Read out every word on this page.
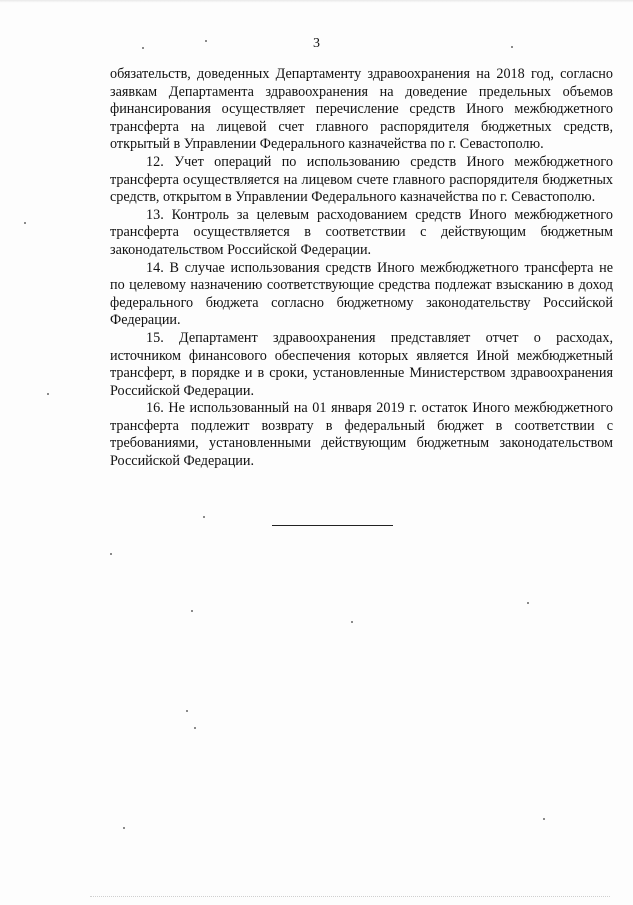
3

обязательств, доведенных Департаменту здравоохранения на 2018 год, согласно заявкам Департамента здравоохранения на доведение предельных объемов финансирования осуществляет перечисление средств Иного межбюджетного трансферта на лицевой счет главного распорядителя бюджетных средств, открытый в Управлении Федерального казначейства по г. Севастополю.

12. Учет операций по использованию средств Иного межбюджетного трансферта осуществляется на лицевом счете главного распорядителя бюджетных средств, открытом в Управлении Федерального казначейства по г. Севастополю.

13. Контроль за целевым расходованием средств Иного межбюджетного трансферта осуществляется в соответствии с действующим бюджетным законодательством Российской Федерации.

14. В случае использования средств Иного межбюджетного трансферта не по целевому назначению соответствующие средства подлежат взысканию в доход федерального бюджета согласно бюджетному законодательству Российской Федерации.

15. Департамент здравоохранения представляет отчет о расходах, источником финансового обеспечения которых является Иной межбюджетный трансферт, в порядке и в сроки, установленные Министерством здравоохранения Российской Федерации.

16. Не использованный на 01 января 2019 г. остаток Иного межбюджетного трансферта подлежит возврату в федеральный бюджет в соответствии с требованиями, установленными действующим бюджетным законодательством Российской Федерации.
